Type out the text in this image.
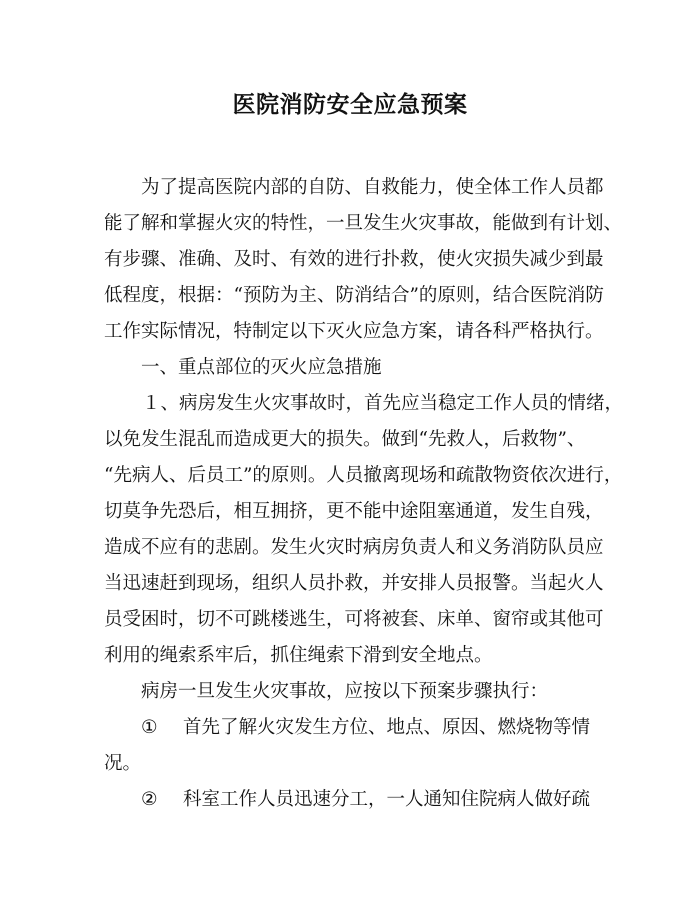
医院消防安全应急预案
为了提高医院内部的自防、自救能力，使全体工作人员都
能了解和掌握火灾的特性，一旦发生火灾事故，能做到有计划、
有步骤、准确、及时、有效的进行扑救，使火灾损失减少到最
低程度，根据：“预防为主、防消结合”的原则，结合医院消防
工作实际情况，特制定以下灭火应急方案，请各科严格执行。
一、重点部位的灭火应急措施
１、病房发生火灾事故时，首先应当稳定工作人员的情绪，
以免发生混乱而造成更大的损失。做到“先救人，后救物”、
“先病人、后员工”的原则。人员撤离现场和疏散物资依次进行，
切莫争先恐后，相互拥挤，更不能中途阻塞通道，发生自残，
造成不应有的悲剧。发生火灾时病房负责人和义务消防队员应
当迅速赶到现场，组织人员扑救，并安排人员报警。当起火人
员受困时，切不可跳楼逃生，可将被套、床单、窗帘或其他可
利用的绳索系牢后，抓住绳索下滑到安全地点。
病房一旦发生火灾事故，应按以下预案步骤执行：
① 首先了解火灾发生方位、地点、原因、燃烧物等情
况。
② 科室工作人员迅速分工，一人通知住院病人做好疏
